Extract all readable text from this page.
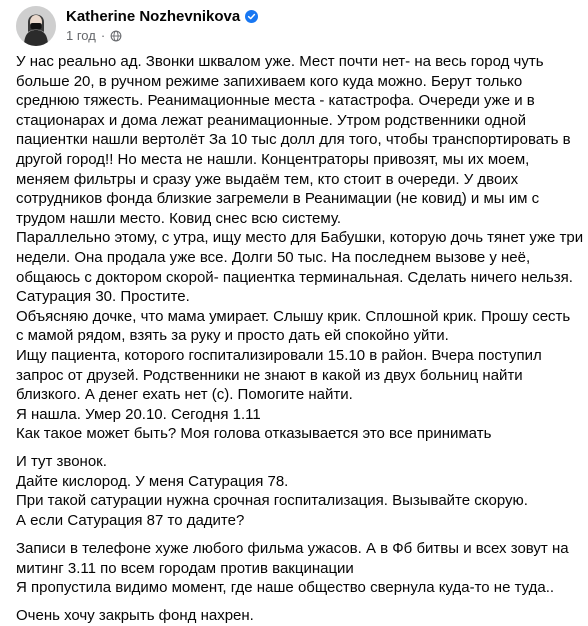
Katherine Nozhevnikova
1 год ·
У нас реально ад. Звонки шквалом уже. Мест почти нет- на весь город чуть
больше 20, в ручном режиме запихиваем кого куда можно. Берут только
среднюю тяжесть. Реанимационные места - катастрофа. Очереди уже и в
стационарах и дома лежат реанимационные. Утром родственники одной
пациентки нашли вертолёт За 10 тыс долл для того, чтобы транспортировать в
другой город!! Но места не нашли. Концентраторы привозят, мы их моем,
меняем фильтры и сразу уже выдаём тем, кто стоит в очереди. У двоих
сотрудников фонда близкие загремели в Реанимации (не ковид) и мы им с
трудом нашли место. Ковид снес всю систему.
Параллельно этому, с утра, ищу место для Бабушки, которую дочь тянет уже три
недели. Она продала уже все. Долги 50 тыс. На последнем вызове у неё,
общаюсь с доктором скорой- пациентка терминальная. Сделать ничего нельзя.
Сатурация 30. Простите.
Объясняю дочке, что мама умирает. Слышу крик. Сплошной крик. Прошу сесть
с мамой рядом, взять за руку и просто дать ей спокойно уйти.
Ищу пациента, которого госпитализировали 15.10 в район. Вчера поступил
запрос от друзей. Родственники не знают в какой из двух больниц найти
близкого. А денег ехать нет (с). Помогите найти.
Я нашла. Умер 20.10. Сегодня 1.11
Как такое может быть? Моя голова отказывается это все принимать
И тут звонок.
Дайте кислород. У меня Сатурация 78.
При такой сатурации нужна срочная госпитализация. Вызывайте скорую.
А если Сатурация 87 то дадите?
Записи в телефоне хуже любого фильма ужасов. А в Фб битвы и всех зовут на
митинг 3.11 по всем городам против вакцинации
Я пропустила видимо момент, где наше общество свернула куда-то не туда..
Очень хочу закрыть фонд нахрен.
